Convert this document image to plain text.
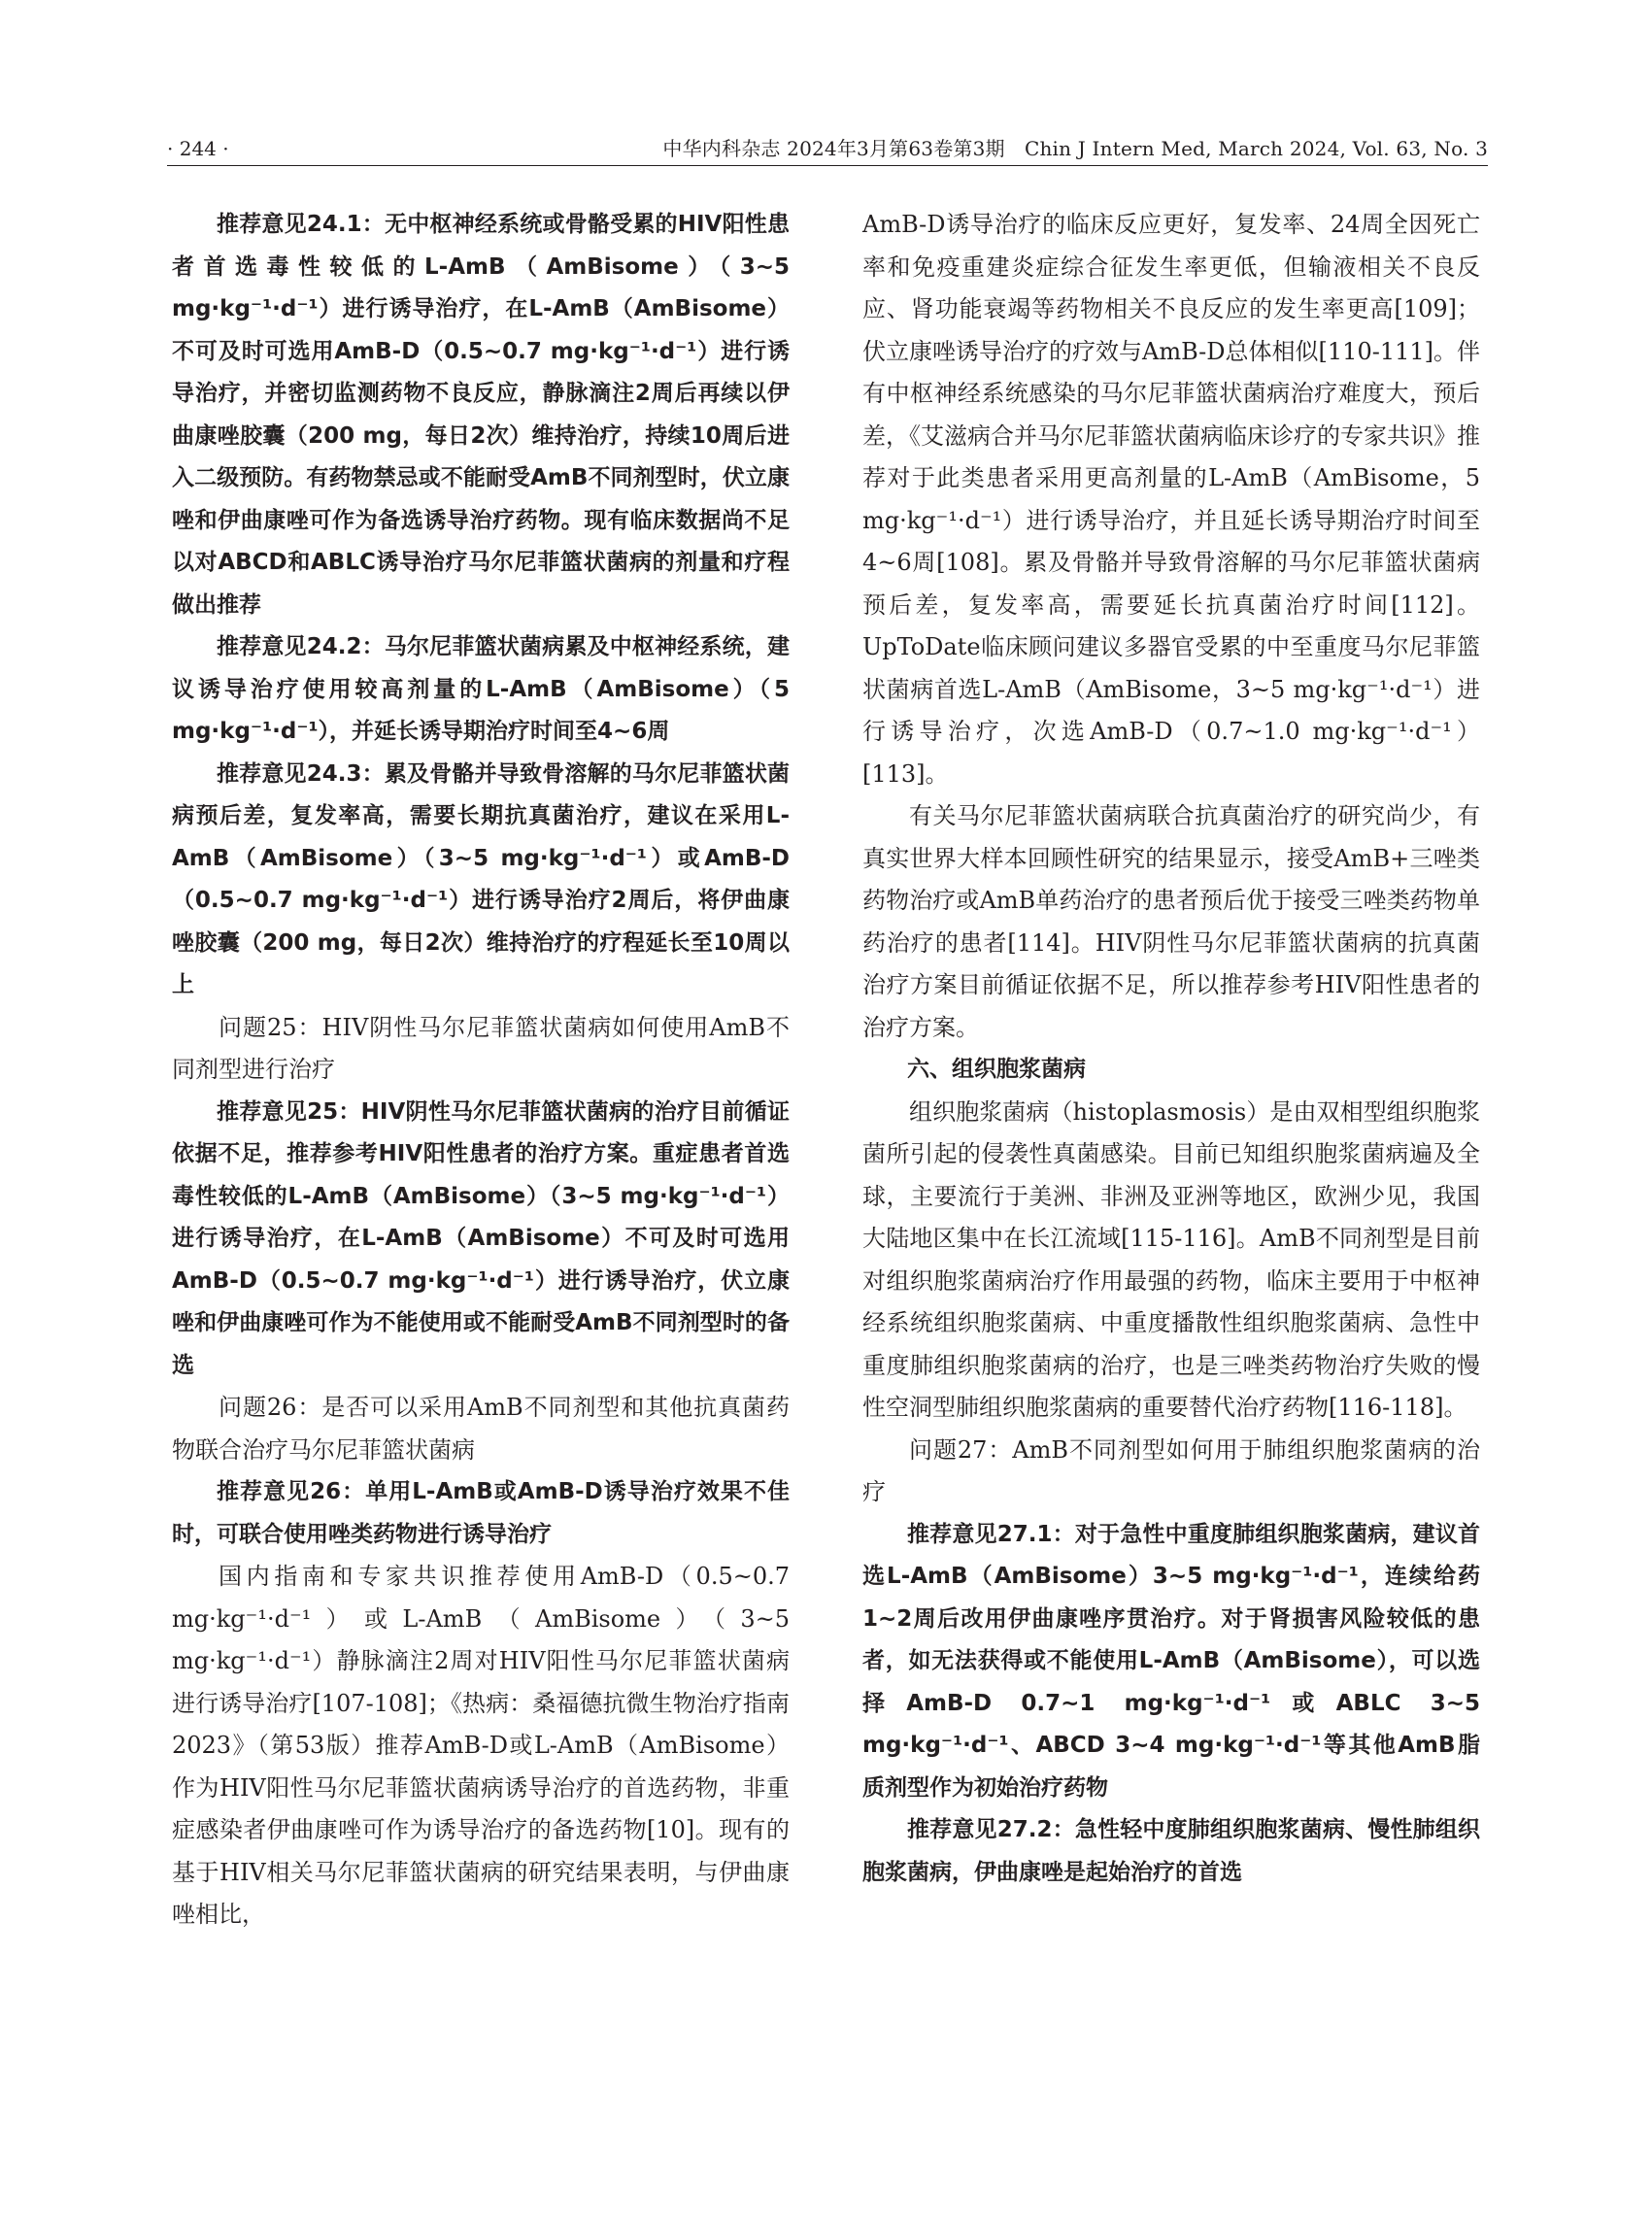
· 244 ·	中华内科杂志 2024年3月第63卷第3期　Chin J Intern Med, March 2024, Vol. 63, No. 3

推荐意见24.1：无中枢神经系统或骨骼受累的HIV阳性患者首选毒性较低的L-AmB（AmBisome）（3~5 mg·kg⁻¹·d⁻¹）进行诱导治疗，在L-AmB（AmBisome）不可及时可选用AmB-D（0.5~0.7 mg·kg⁻¹·d⁻¹）进行诱导治疗，并密切监测药物不良反应，静脉滴注2周后再续以伊曲康唑胶囊（200 mg，每日2次）维持治疗，持续10周后进入二级预防。有药物禁忌或不能耐受AmB不同剂型时，伏立康唑和伊曲康唑可作为备选诱导治疗药物。现有临床数据尚不足以对ABCD和ABLC诱导治疗马尔尼菲篮状菌病的剂量和疗程做出推荐

推荐意见24.2：马尔尼菲篮状菌病累及中枢神经系统，建议诱导治疗使用较高剂量的L-AmB（AmBisome）（5 mg·kg⁻¹·d⁻¹），并延长诱导期治疗时间至4~6周

推荐意见24.3：累及骨骼并导致骨溶解的马尔尼菲篮状菌病预后差，复发率高，需要长期抗真菌治疗，建议在采用L-AmB（AmBisome）（3~5 mg·kg⁻¹·d⁻¹）或AmB-D（0.5~0.7 mg·kg⁻¹·d⁻¹）进行诱导治疗2周后，将伊曲康唑胶囊（200 mg，每日2次）维持治疗的疗程延长至10周以上

问题25：HIV阴性马尔尼菲篮状菌病如何使用AmB不同剂型进行治疗

推荐意见25：HIV阴性马尔尼菲篮状菌病的治疗目前循证依据不足，推荐参考HIV阳性患者的治疗方案。重症患者首选毒性较低的L-AmB（AmBisome）（3~5 mg·kg⁻¹·d⁻¹）进行诱导治疗，在L-AmB（AmBisome）不可及时可选用AmB-D（0.5~0.7 mg·kg⁻¹·d⁻¹）进行诱导治疗，伏立康唑和伊曲康唑可作为不能使用或不能耐受AmB不同剂型时的备选

问题26：是否可以采用AmB不同剂型和其他抗真菌药物联合治疗马尔尼菲篮状菌病

推荐意见26：单用L-AmB或AmB-D诱导治疗效果不佳时，可联合使用唑类药物进行诱导治疗

国内指南和专家共识推荐使用AmB-D（0.5~0.7 mg·kg⁻¹·d⁻¹）或L-AmB（AmBisome）（3~5 mg·kg⁻¹·d⁻¹）静脉滴注2周对HIV阳性马尔尼菲篮状菌病进行诱导治疗[107-108]；《热病：桑福德抗微生物治疗指南2023》（第53版）推荐AmB-D或L-AmB（AmBisome）作为HIV阳性马尔尼菲篮状菌病诱导治疗的首选药物，非重症感染者伊曲康唑可作为诱导治疗的备选药物[10]。现有的基于HIV相关马尔尼菲篮状菌病的研究结果表明，与伊曲康唑相比，

AmB-D诱导治疗的临床反应更好，复发率、24周全因死亡率和免疫重建炎症综合征发生率更低，但输液相关不良反应、肾功能衰竭等药物相关不良反应的发生率更高[109]；伏立康唑诱导治疗的疗效与AmB-D总体相似[110-111]。伴有中枢神经系统感染的马尔尼菲篮状菌病治疗难度大，预后差，《艾滋病合并马尔尼菲篮状菌病临床诊疗的专家共识》推荐对于此类患者采用更高剂量的L-AmB（AmBisome，5 mg·kg⁻¹·d⁻¹）进行诱导治疗，并且延长诱导期治疗时间至4~6周[108]。累及骨骼并导致骨溶解的马尔尼菲篮状菌病预后差，复发率高，需要延长抗真菌治疗时间[112]。UpToDate临床顾问建议多器官受累的中至重度马尔尼菲篮状菌病首选L-AmB（AmBisome，3~5 mg·kg⁻¹·d⁻¹）进行诱导治疗，次选AmB-D（0.7~1.0 mg·kg⁻¹·d⁻¹）[113]。

有关马尔尼菲篮状菌病联合抗真菌治疗的研究尚少，有真实世界大样本回顾性研究的结果显示，接受AmB+三唑类药物治疗或AmB单药治疗的患者预后优于接受三唑类药物单药治疗的患者[114]。HIV阴性马尔尼菲篮状菌病的抗真菌治疗方案目前循证依据不足，所以推荐参考HIV阳性患者的治疗方案。

六、组织胞浆菌病

组织胞浆菌病（histoplasmosis）是由双相型组织胞浆菌所引起的侵袭性真菌感染。目前已知组织胞浆菌病遍及全球，主要流行于美洲、非洲及亚洲等地区，欧洲少见，我国大陆地区集中在长江流域[115-116]。AmB不同剂型是目前对组织胞浆菌病治疗作用最强的药物，临床主要用于中枢神经系统组织胞浆菌病、中重度播散性组织胞浆菌病、急性中重度肺组织胞浆菌病的治疗，也是三唑类药物治疗失败的慢性空洞型肺组织胞浆菌病的重要替代治疗药物[116-118]。

问题27：AmB不同剂型如何用于肺组织胞浆菌病的治疗

推荐意见27.1：对于急性中重度肺组织胞浆菌病，建议首选L-AmB（AmBisome）3~5 mg·kg⁻¹·d⁻¹，连续给药1~2周后改用伊曲康唑序贯治疗。对于肾损害风险较低的患者，如无法获得或不能使用L-AmB（AmBisome），可以选择AmB-D 0.7~1 mg·kg⁻¹·d⁻¹或ABLC 3~5 mg·kg⁻¹·d⁻¹、ABCD 3~4 mg·kg⁻¹·d⁻¹等其他AmB脂质剂型作为初始治疗药物

推荐意见27.2：急性轻中度肺组织胞浆菌病、慢性肺组织胞浆菌病，伊曲康唑是起始治疗的首选
